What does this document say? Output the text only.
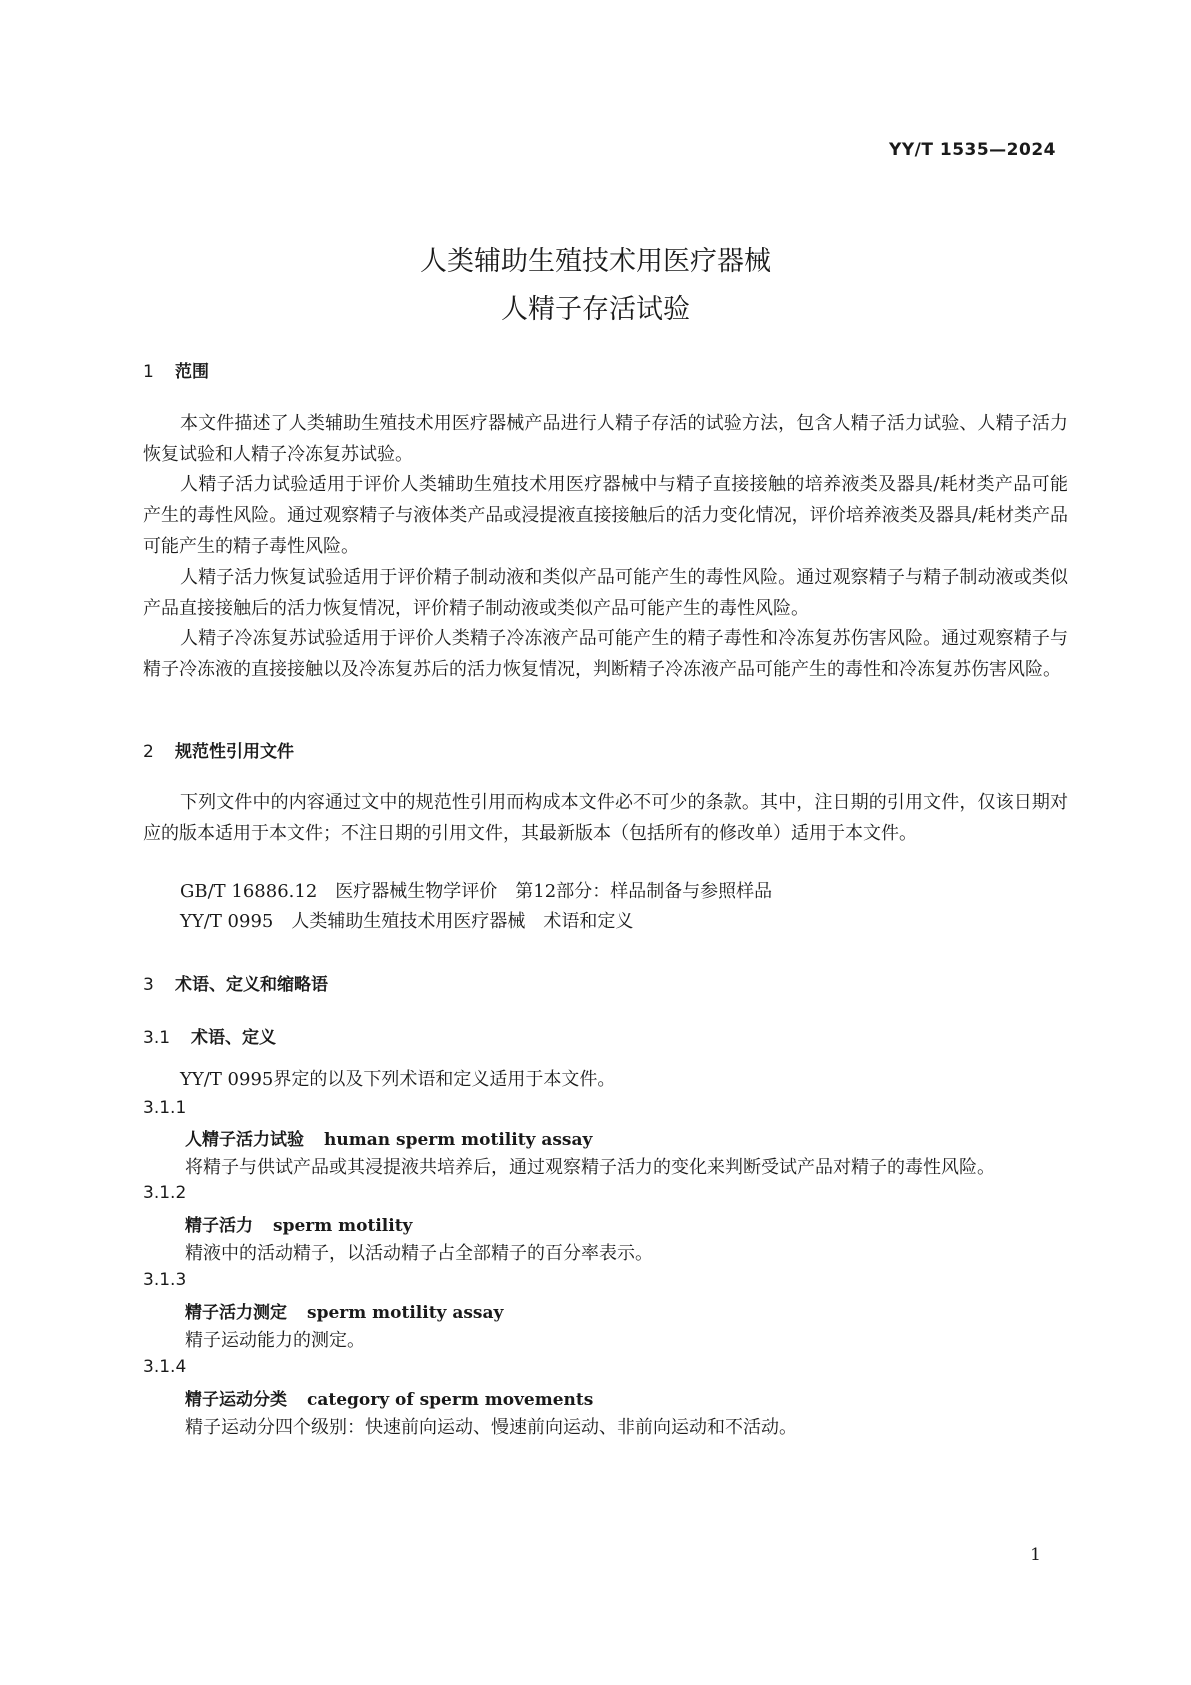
YY/T 1535—2024
人类辅助生殖技术用医疗器械
人精子存活试验
1 范围

本文件描述了人类辅助生殖技术用医疗器械产品进行人精子存活的试验方法，包含人精子活力试验、人精子活力恢复试验和人精子冷冻复苏试验。

人精子活力试验适用于评价人类辅助生殖技术用医疗器械中与精子直接接触的培养液类及器具/耗材类产品可能产生的毒性风险。通过观察精子与液体类产品或浸提液直接接触后的活力变化情况，评价培养液类及器具/耗材类产品可能产生的精子毒性风险。

人精子活力恢复试验适用于评价精子制动液和类似产品可能产生的毒性风险。通过观察精子与精子制动液或类似产品直接接触后的活力恢复情况，评价精子制动液或类似产品可能产生的毒性风险。

人精子冷冻复苏试验适用于评价人类精子冷冻液产品可能产生的精子毒性和冷冻复苏伤害风险。通过观察精子与精子冷冻液的直接接触以及冷冻复苏后的活力恢复情况，判断精子冷冻液产品可能产生的毒性和冷冻复苏伤害风险。

2 规范性引用文件

下列文件中的内容通过文中的规范性引用而构成本文件必不可少的条款。其中，注日期的引用文件，仅该日期对应的版本适用于本文件；不注日期的引用文件，其最新版本（包括所有的修改单）适用于本文件。

GB/T 16886.12　医疗器械生物学评价　第12部分：样品制备与参照样品
YY/T 0995　人类辅助生殖技术用医疗器械　术语和定义
3 术语、定义和缩略语
3.1 术语、定义

YY/T 0995界定的以及下列术语和定义适用于本文件。

3.1.1
人精子活力试验 human sperm motility assay
将精子与供试产品或其浸提液共培养后，通过观察精子活力的变化来判断受试产品对精子的毒性风险。
3.1.2
精子活力 sperm motility
精液中的活动精子，以活动精子占全部精子的百分率表示。
3.1.3
精子活力测定 sperm motility assay
精子运动能力的测定。
3.1.4
精子运动分类 category of sperm movements
精子运动分四个级别：快速前向运动、慢速前向运动、非前向运动和不活动。
1
